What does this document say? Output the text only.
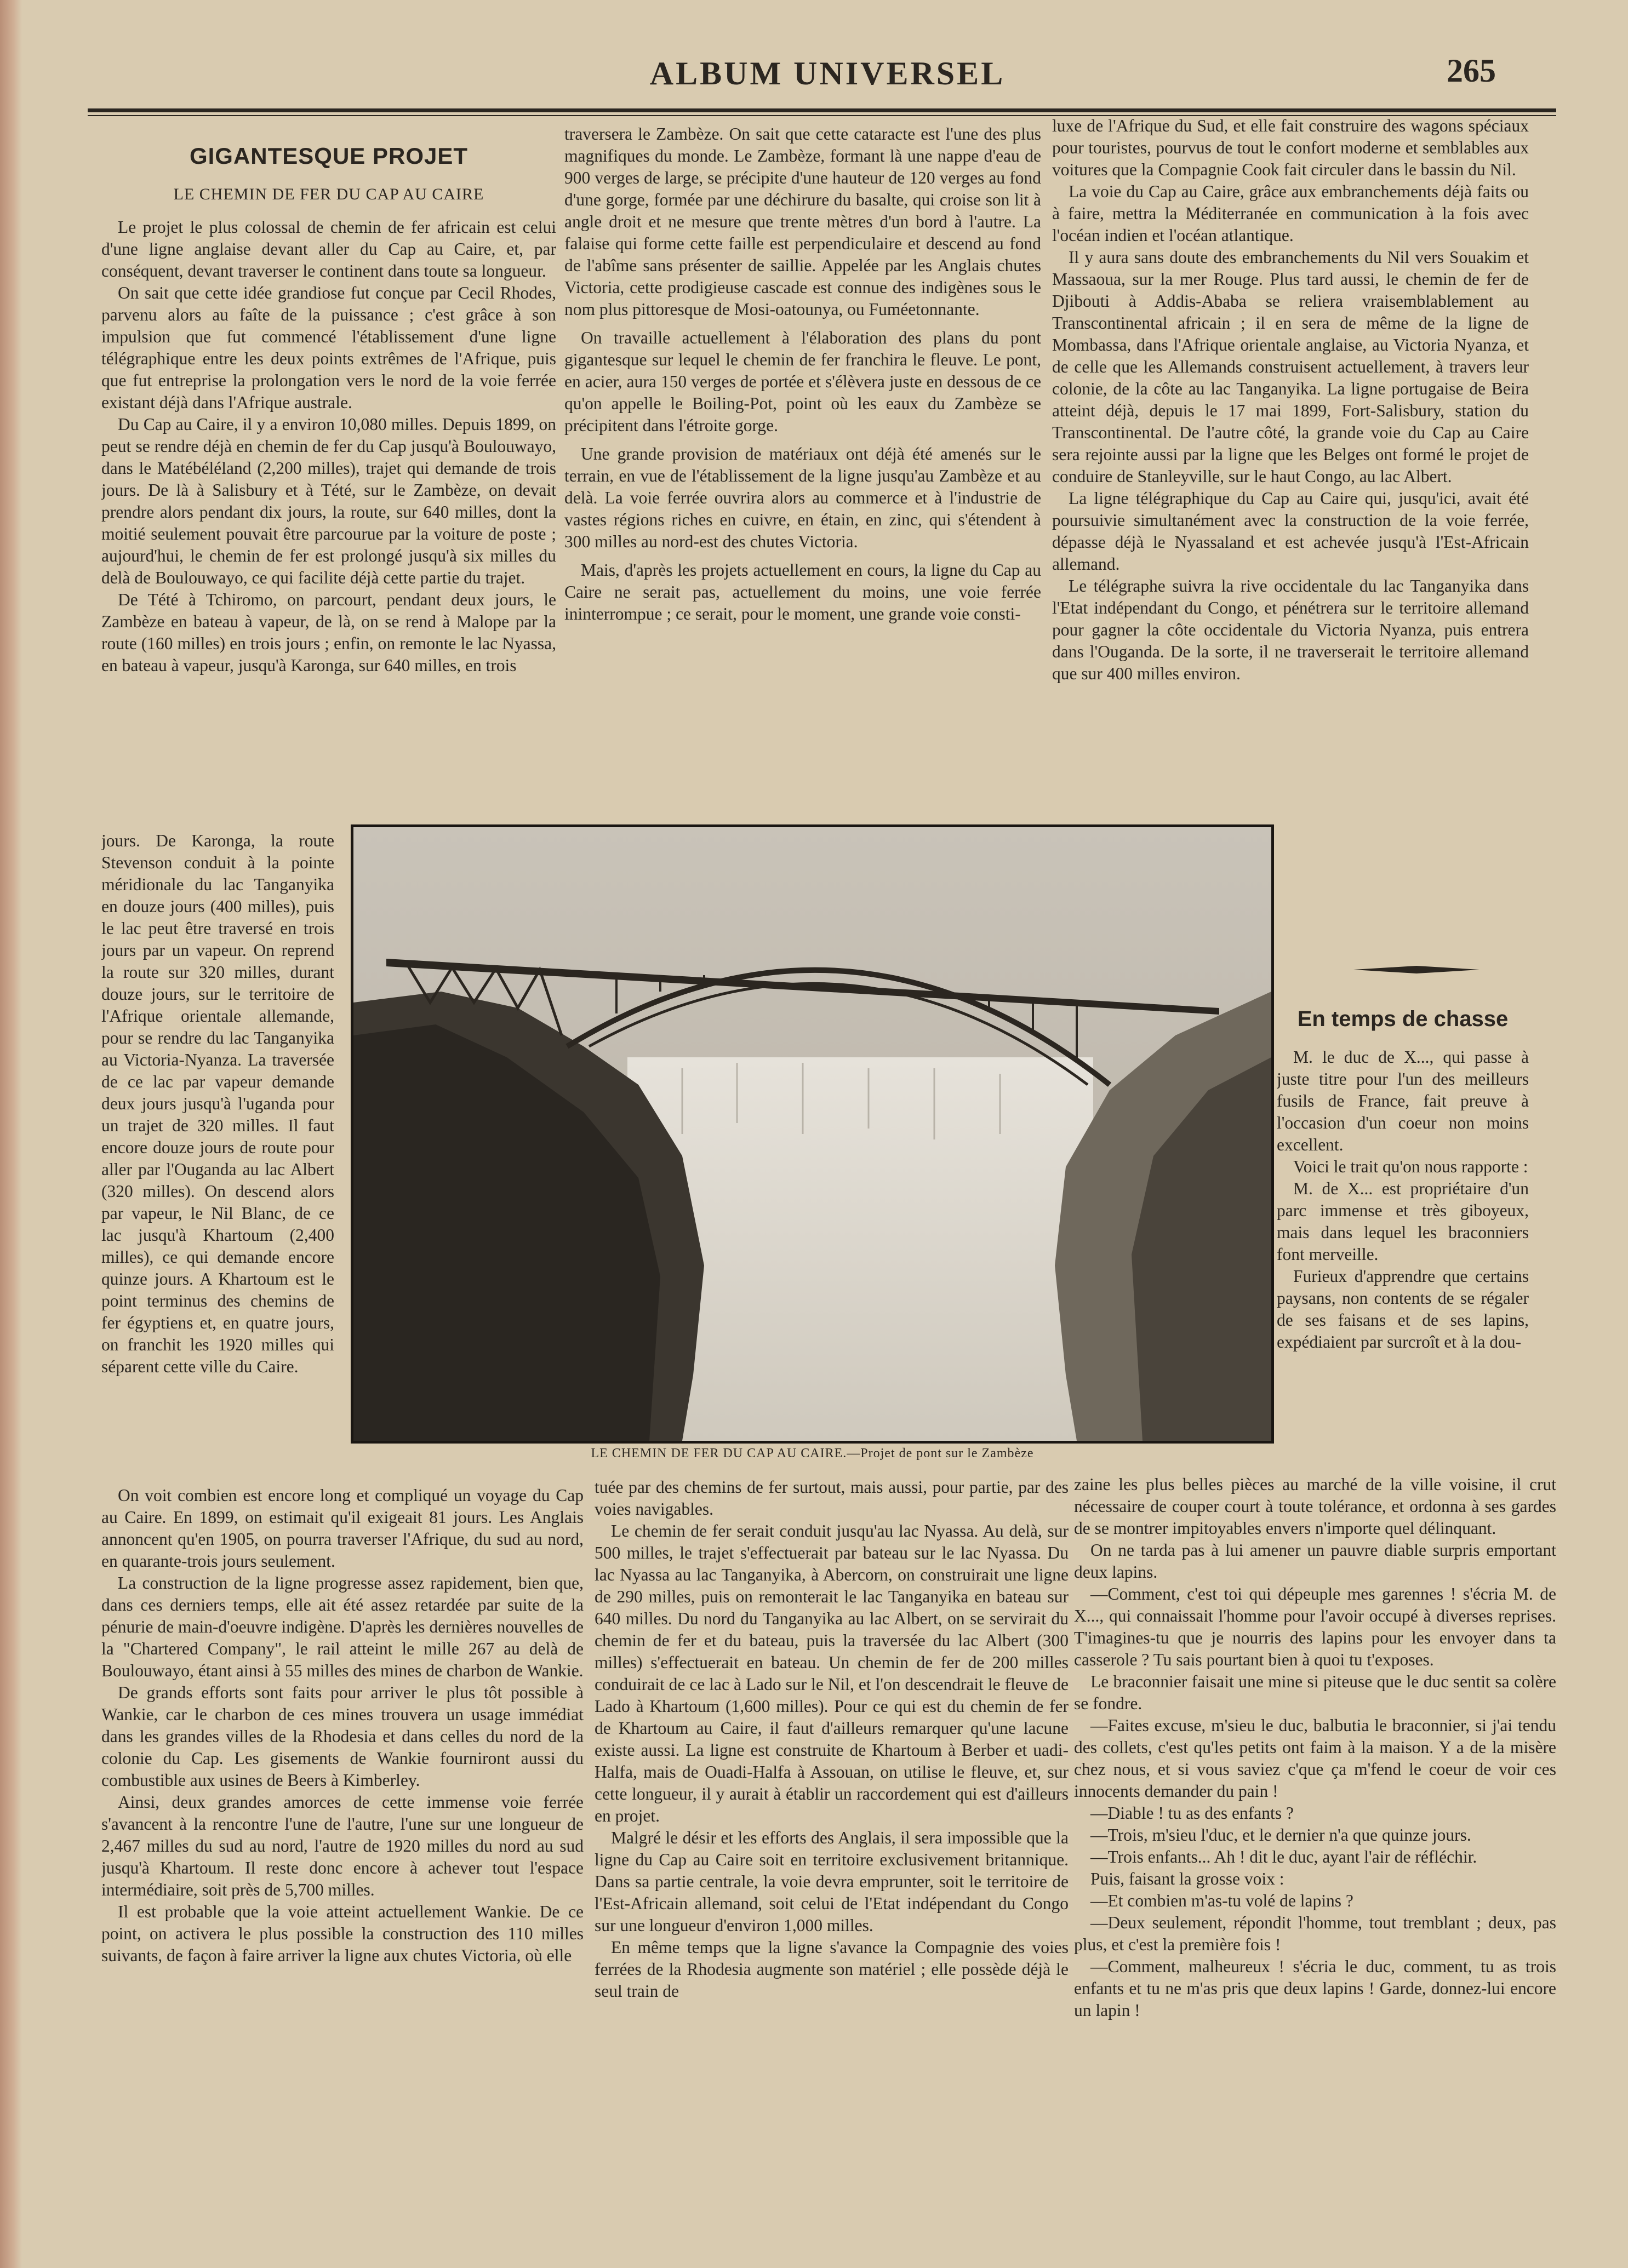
ALBUM UNIVERSEL	265
GIGANTESQUE PROJET
LE CHEMIN DE FER DU CAP AU CAIRE

Le projet le plus colossal de chemin de fer africain est celui d'une ligne anglaise devant aller du Cap au Caire, et, par conséquent, devant traverser le continent dans toute sa longueur.

On sait que cette idée grandiose fut conçue par Cecil Rhodes, parvenu alors au faîte de la puissance ; c'est grâce à son impulsion que fut commencé l'établissement d'une ligne télégraphique entre les deux points extrêmes de l'Afrique, puis que fut entreprise la prolongation vers le nord de la voie ferrée existant déjà dans l'Afrique australe.

Du Cap au Caire, il y a environ 10,080 milles. Depuis 1899, on peut se rendre déjà en chemin de fer du Cap jusqu'à Boulouwayo, dans le Matébéléland (2,200 milles), trajet qui demande de trois jours. De là à Salisbury et à Tété, sur le Zambèze, on devait prendre alors pendant dix jours, la route, sur 640 milles, dont la moitié seulement pouvait être parcourue par la voiture de poste ; aujourd'hui, le chemin de fer est prolongé jusqu'à six milles du delà de Boulouwayo, ce qui facilite déjà cette partie du trajet.

De Tété à Tchiromo, on parcourt, pendant deux jours, le Zambèze en bateau à vapeur, de là, on se rend à Malope par la route (160 milles) en trois jours ; enfin, on remonte le lac Nyassa, en bateau à vapeur, jusqu'à Karonga, sur 640 milles, en trois

jours. De Karonga, la route Stevenson conduit à la pointe méridionale du lac Tanganyika en douze jours (400 milles), puis le lac peut être traversé en trois jours par un vapeur. On reprend la route sur 320 milles, durant douze jours, sur le territoire de l'Afrique orientale allemande, pour se rendre du lac Tanganyika au Victoria-Nyanza. La traversée de ce lac par vapeur demande deux jours jusqu'à l'uganda pour un trajet de 320 milles. Il faut encore douze jours de route pour aller par l'Ouganda au lac Albert (320 milles). On descend alors par vapeur, le Nil Blanc, de ce lac jusqu'à Khartoum (2,400 milles), ce qui demande encore quinze jours. A Khartoum est le point terminus des chemins de fer égyptiens et, en quatre jours, on franchit les 1920 milles qui séparent cette ville du Caire.

On voit combien est encore long et compliqué un voyage du Cap au Caire. En 1899, on estimait qu'il exigeait 81 jours. Les Anglais annoncent qu'en 1905, on pourra traverser l'Afrique, du sud au nord, en quarante-trois jours seulement.

La construction de la ligne progresse assez rapidement, bien que, dans ces derniers temps, elle ait été assez retardée par suite de la pénurie de main-d'oeuvre indigène. D'après les dernières nouvelles de la "Chartered Company", le rail atteint le mille 267 au delà de Boulouwayo, étant ainsi à 55 milles des mines de charbon de Wankie.

De grands efforts sont faits pour arriver le plus tôt possible à Wankie, car le charbon de ces mines trouvera un usage immédiat dans les grandes villes de la Rhodesia et dans celles du nord de la colonie du Cap. Les gisements de Wankie fourniront aussi du combustible aux usines de Beers à Kimberley.

Ainsi, deux grandes amorces de cette immense voie ferrée s'avancent à la rencontre l'une de l'autre, l'une sur une longueur de 2,467 milles du sud au nord, l'autre de 1920 milles du nord au sud jusqu'à Khartoum. Il reste donc encore à achever tout l'espace intermédiaire, soit près de 5,700 milles.

Il est probable que la voie atteint actuellement Wankie. De ce point, on activera le plus possible la construction des 110 milles suivants, de façon à faire arriver la ligne aux chutes Victoria, où elle

traversera le Zambèze. On sait que cette cataracte est l'une des plus magnifiques du monde. Le Zambèze, formant là une nappe d'eau de 900 verges de large, se précipite d'une hauteur de 120 verges au fond d'une gorge, formée par une déchirure du basalte, qui croise son lit à angle droit et ne mesure que trente mètres d'un bord à l'autre. La falaise qui forme cette faille est perpendiculaire et descend au fond de l'abîme sans présenter de saillie. Appelée par les Anglais chutes Victoria, cette prodigieuse cascade est connue des indigènes sous le nom plus pittoresque de Mosi-oatounya, ou Fuméetonnante.

On travaille actuellement à l'élaboration des plans du pont gigantesque sur lequel le chemin de fer franchira le fleuve. Le pont, en acier, aura 150 verges de portée et s'élèvera juste en dessous de ce qu'on appelle le Boiling-Pot, point où les eaux du Zambèze se précipitent dans l'étroite gorge.

Une grande provision de matériaux ont déjà été amenés sur le terrain, en vue de l'établissement de la ligne jusqu'au Zambèze et au delà. La voie ferrée ouvrira alors au commerce et à l'industrie de vastes régions riches en cuivre, en étain, en zinc, qui s'étendent à 300 milles au nord-est des chutes Victoria.

Mais, d'après les projets actuellement en cours, la ligne du Cap au Caire ne serait pas, actuellement du moins, une voie ferrée ininterrompue ; ce serait, pour le moment, une grande voie consti-

tuée par des chemins de fer surtout, mais aussi, pour partie, par des voies navigables.

Le chemin de fer serait conduit jusqu'au lac Nyassa. Au delà, sur 500 milles, le trajet s'effectuerait par bateau sur le lac Nyassa. Du lac Nyassa au lac Tanganyika, à Abercorn, on construirait une ligne de 290 milles, puis on remonterait le lac Tanganyika en bateau sur 640 milles. Du nord du Tanganyika au lac Albert, on se servirait du chemin de fer et du bateau, puis la traversée du lac Albert (300 milles) s'effectuerait en bateau. Un chemin de fer de 200 milles conduirait de ce lac à Lado sur le Nil, et l'on descendrait le fleuve de Lado à Khartoum (1,600 milles). Pour ce qui est du chemin de fer de Khartoum au Caire, il faut d'ailleurs remarquer qu'une lacune existe aussi. La ligne est construite de Khartoum à Berber et uadi-Halfa, mais de Ouadi-Halfa à Assouan, on utilise le fleuve, et, sur cette longueur, il y aurait à établir un raccordement qui est d'ailleurs en projet.

Malgré le désir et les efforts des Anglais, il sera impossible que la ligne du Cap au Caire soit en territoire exclusivement britannique. Dans sa partie centrale, la voie devra emprunter, soit le territoire de l'Est-Africain allemand, soit celui de l'Etat indépendant du Congo sur une longueur d'environ 1,000 milles.

En même temps que la ligne s'avance la Compagnie des voies ferrées de la Rhodesia augmente son matériel ; elle possède déjà le seul train de

luxe de l'Afrique du Sud, et elle fait construire des wagons spéciaux pour touristes, pourvus de tout le confort moderne et semblables aux voitures que la Compagnie Cook fait circuler dans le bassin du Nil.

La voie du Cap au Caire, grâce aux embranchements déjà faits ou à faire, mettra la Méditerranée en communication à la fois avec l'océan indien et l'océan atlantique.

Il y aura sans doute des embranchements du Nil vers Souakim et Massaoua, sur la mer Rouge. Plus tard aussi, le chemin de fer de Djibouti à Addis-Ababa se reliera vraisemblablement au Transcontinental africain ; il en sera de même de la ligne de Mombassa, dans l'Afrique orientale anglaise, au Victoria Nyanza, et de celle que les Allemands construisent actuellement, à travers leur colonie, de la côte au lac Tanganyika. La ligne portugaise de Beira atteint déjà, depuis le 17 mai 1899, Fort-Salisbury, station du Transcontinental. De l'autre côté, la grande voie du Cap au Caire sera rejointe aussi par la ligne que les Belges ont formé le projet de conduire de Stanleyville, sur le haut Congo, au lac Albert.

La ligne télégraphique du Cap au Caire qui, jusqu'ici, avait été poursuivie simultanément avec la construction de la voie ferrée, dépasse déjà le Nyassaland et est achevée jusqu'à l'Est-Africain allemand.

Le télégraphe suivra la rive occidentale du lac Tanganyika dans l'Etat indépendant du Congo, et pénétrera sur le territoire allemand pour gagner la côte occidentale du Victoria Nyanza, puis entrera dans l'Ouganda. De la sorte, il ne traverserait le territoire allemand que sur 400 milles environ.

LE CHEMIN DE FER DU CAP AU CAIRE.—Projet de pont sur le Zambèze
En temps de chasse

M. le duc de X..., qui passe à juste titre pour l'un des meilleurs fusils de France, fait preuve à l'occasion d'un coeur non moins excellent.

Voici le trait qu'on nous rapporte :

M. de X... est propriétaire d'un parc immense et très giboyeux, mais dans lequel les braconniers font merveille.

Furieux d'apprendre que certains paysans, non contents de se régaler de ses faisans et de ses lapins, expédiaient par surcroît et à la dou-

zaine les plus belles pièces au marché de la ville voisine, il crut nécessaire de couper court à toute tolérance, et ordonna à ses gardes de se montrer impitoyables envers n'importe quel délinquant.

On ne tarda pas à lui amener un pauvre diable surpris emportant deux lapins.

—Comment, c'est toi qui dépeuple mes garennes ! s'écria M. de X..., qui connaissait l'homme pour l'avoir occupé à diverses reprises. T'imagines-tu que je nourris des lapins pour les envoyer dans ta casserole ? Tu sais pourtant bien à quoi tu t'exposes.

Le braconnier faisait une mine si piteuse que le duc sentit sa colère se fondre.

—Faites excuse, m'sieu le duc, balbutia le braconnier, si j'ai tendu des collets, c'est qu'les petits ont faim à la maison. Y a de la misère chez nous, et si vous saviez c'que ça m'fend le coeur de voir ces innocents demander du pain !

—Diable ! tu as des enfants ?

—Trois, m'sieu l'duc, et le dernier n'a que quinze jours.

—Trois enfants... Ah ! dit le duc, ayant l'air de réfléchir.

Puis, faisant la grosse voix :

—Et combien m'as-tu volé de lapins ?

—Deux seulement, répondit l'homme, tout tremblant ; deux, pas plus, et c'est la première fois !

—Comment, malheureux ! s'écria le duc, comment, tu as trois enfants et tu ne m'as pris que deux lapins ! Garde, donnez-lui encore un lapin !
